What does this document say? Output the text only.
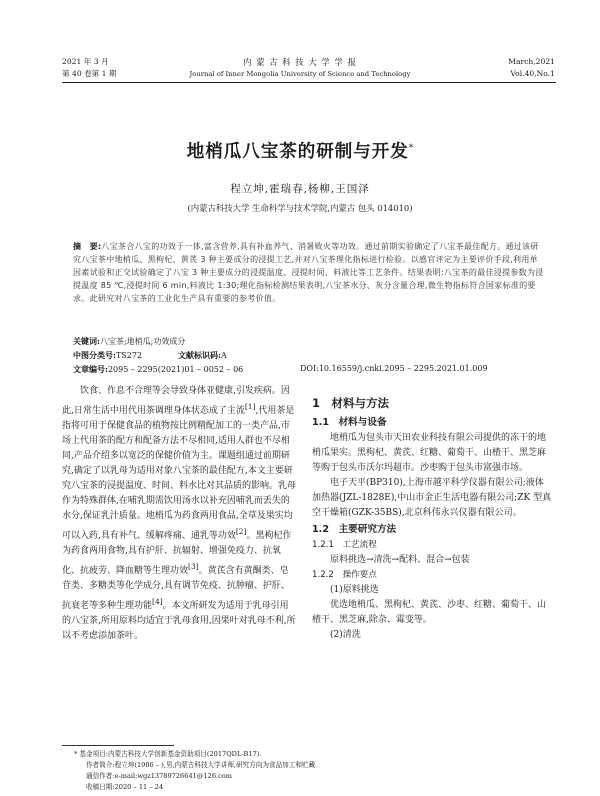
2021 年 3 月
第 40 卷第 1 期
内 蒙 古 科 技 大 学 学 报
Journal of Inner Mongolia University of Science and Technology
March,2021
Vol.40,No.1
地梢瓜八宝茶的研制与开发*
程立坤,霍瑞春,杨柳,王国泽
(内蒙古科技大学 生命科学与技术学院,内蒙古 包头 014010)
摘　要:八宝茶合八宝的功效于一体,富含营养,具有补血养气、消暑败火等功效。通过前期实验确定了八宝茶最佳配方。通过该研究八宝茶中地梢瓜、黑枸杞、黄芪 3 种主要成分的浸提工艺,并对八宝茶理化指标进行检验。以感官评定为主要评价手段,利用单因素试验和正交试验确定了八宝 3 种主要成分的浸提温度、浸提时间、料液比等工艺条件。结果表明:八宝茶的最佳浸提参数为浸提温度 85 ℃,浸提时间 6 min,料液比 1:30;理化指标检测结果表明,八宝茶水分、灰分含量合理,微生物指标符合国家标准的要求。此研究对八宝茶的工业化生产具有重要的参考价值。
关键词:八宝茶;地梢瓜;功效成分
中图分类号:TS272	文献标识码:A
文章编号:2095 – 2295(2021)01 – 0052 – 06	DOI:10.16559/j.cnki.2095 – 2295.2021.01.009

饮食、作息不合理等会导致身体亚健康,引发疾病。因此,日常生活中用代用茶调理身体状态成了主流[1],代用茶是指将可用于保健食品的植物按比例精配加工的一类产品,市场上代用茶的配方和配备方法不尽相同,适用人群也不尽相同,产品介绍多以宽泛的保健价值为主。课题组通过前期研究,确定了以乳母为适用对象八宝茶的最佳配方,本文主要研究八宝茶的浸提温度、时间、料水比对其品质的影响。乳母作为特殊群体,在哺乳期需饮用汤水以补充因哺乳而丢失的水分,保证乳汁质量。地梢瓜为药食两用食品,全草及果实均可以入药,具有补气、缓解疼痛、通乳等功效[2]。黑枸杞作为药食两用食物,具有护肝、抗辐射、增强免疫力、抗氧化、抗疲劳、降血糖等生理功效[3]。黄芪含有黄酮类、皂苷类、多糖类等化学成分,具有调节免疫、抗肿瘤、护肝、抗衰老等多种生理功能[4]。本文所研发为适用于乳母引用的八宝茶,所用原料均适宜于乳母食用,因果叶对乳母不利,所以不考虑添加茶叶。

1　材料与方法
1.1　材料与设备

地梢瓜为包头市天田农业科技有限公司提供的冻干的地梢瓜果实。黑枸杞、黄芪、红糖、葡萄干、山楂干、黑芝麻等购于包头市沃尔玛超市。沙枣购于包头市富强市场。

电子天平(BP310),上海市越平科学仪器有限公司;液体加热器(JZL-1828E),中山市金正生活电器有限公司;ZK 型真空干燥箱(GZK-35BS),北京科伟永兴仪器有限公司。

1.2　主要研究方法
1.2.1　工艺流程

原料挑选→清洗→配料、混合→包装

1.2.2　操作要点

(1)原料挑选

优选地梢瓜、黑枸杞、黄芪、沙枣、红糖、葡萄干、山楂干、黑芝麻,除杂、霉变等。

(2)清洗

* 基金项目:内蒙古科技大学创新基金资助项目(2017QDL-B17).
作者简介:程立坤(1986 – ),男,内蒙古科技大学讲师,研究方向为食品加工和贮藏.
通信作者:e-mail:wgz13789726641@126.com
收稿日期:2020 – 11 – 24
